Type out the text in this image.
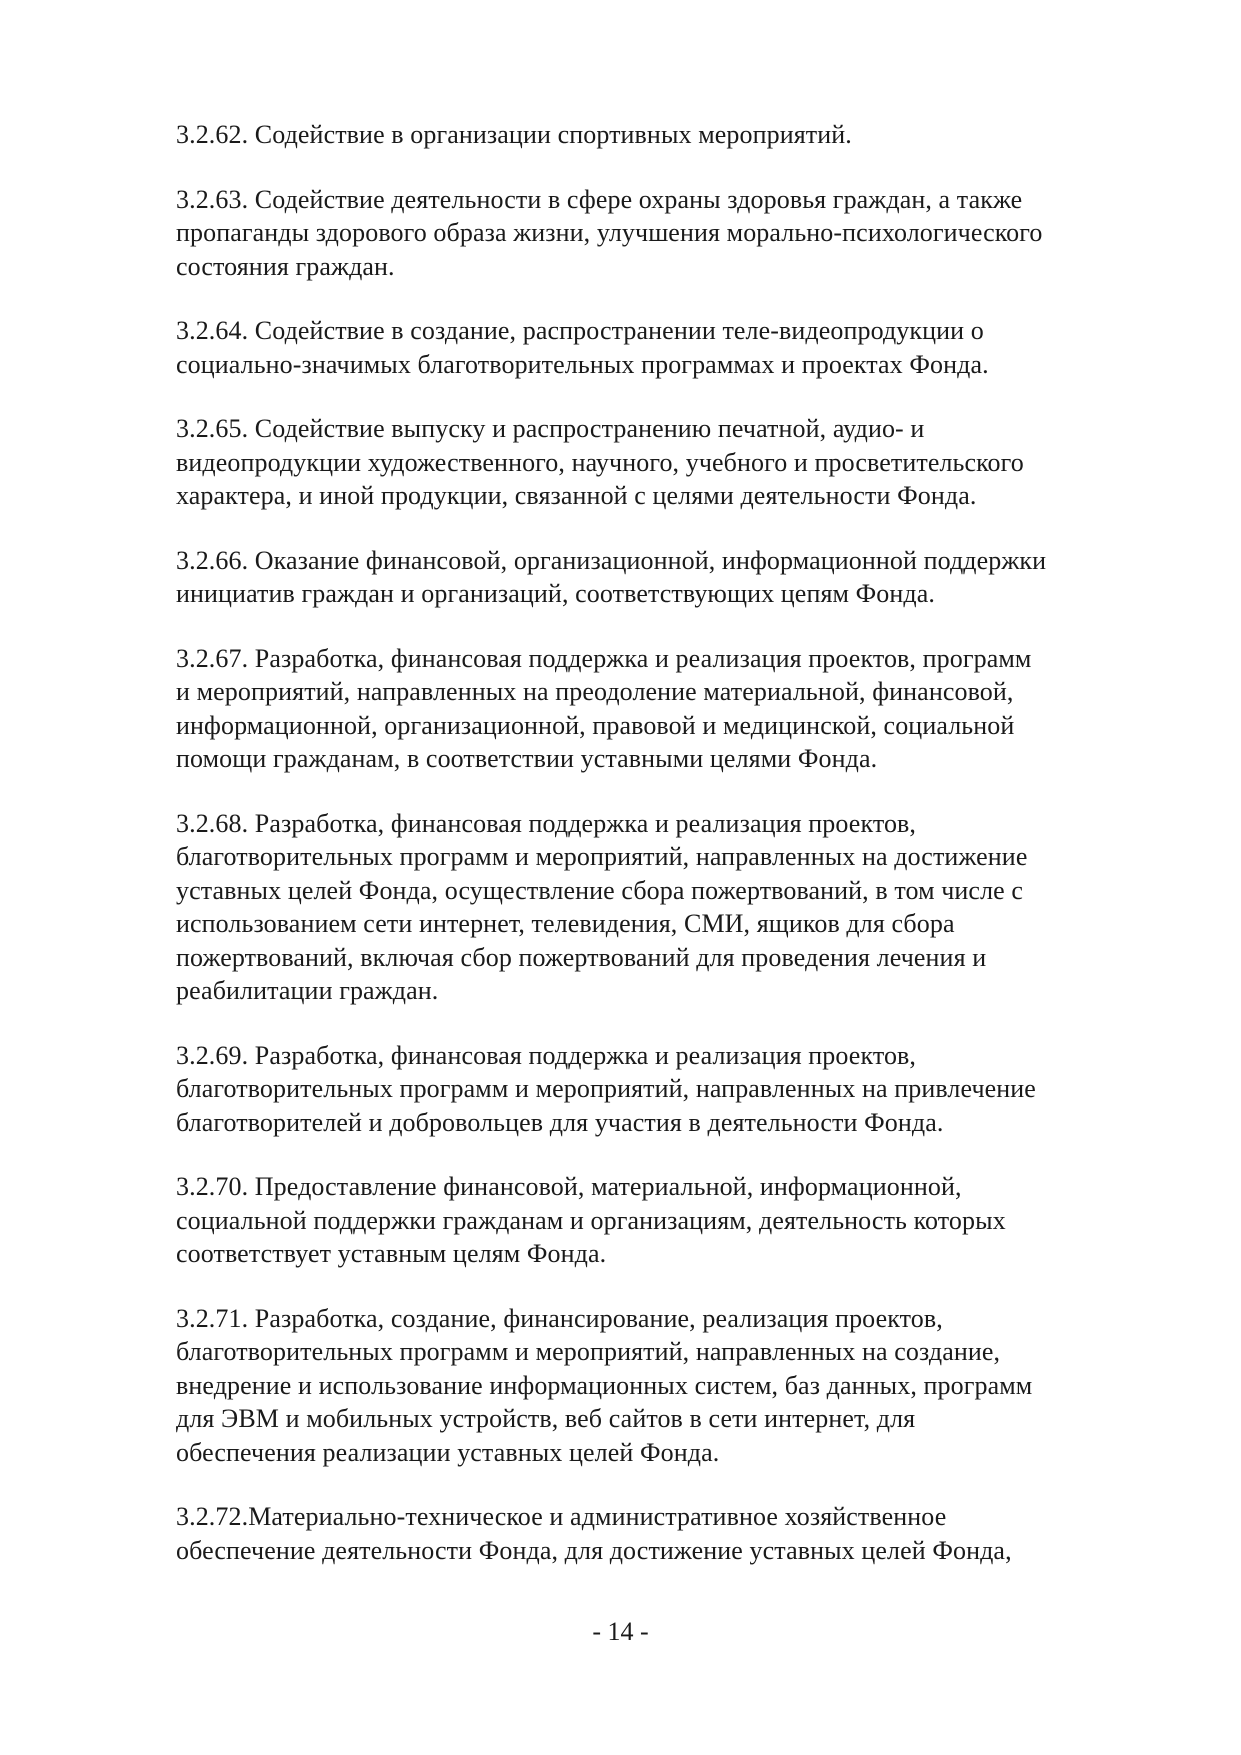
3.2.62. Содействие в организации спортивных мероприятий.

3.2.63. Содействие деятельности в сфере охраны здоровья граждан, а также
пропаганды здорового образа жизни, улучшения морально-психологического
состояния граждан.

3.2.64. Содействие в создание, распространении теле-видеопродукции о
социально-значимых благотворительных программах и проектах Фонда.

3.2.65. Содействие выпуску и распространению печатной, аудио- и
видеопродукции художественного, научного, учебного и просветительского
характера, и иной продукции, связанной с целями деятельности Фонда.

3.2.66. Оказание финансовой, организационной, информационной поддержки
инициатив граждан и организаций, соответствующих цепям Фонда.

3.2.67. Разработка, финансовая поддержка и реализация проектов, программ
и мероприятий, направленных на преодоление материальной, финансовой,
информационной, организационной, правовой и медицинской, социальной
помощи гражданам, в соответствии уставными целями Фонда.

3.2.68. Разработка, финансовая поддержка и реализация проектов,
благотворительных программ и мероприятий, направленных на достижение
уставных целей Фонда, осуществление сбора пожертвований, в том числе с
использованием сети интернет, телевидения, СМИ, ящиков для сбора
пожертвований, включая сбор пожертвований для проведения лечения и
реабилитации граждан.

3.2.69. Разработка, финансовая поддержка и реализация проектов,
благотворительных программ и мероприятий, направленных на привлечение
благотворителей и добровольцев для участия в деятельности Фонда.

3.2.70. Предоставление финансовой, материальной, информационной,
социальной поддержки гражданам и организациям, деятельность которых
соответствует уставным целям Фонда.

3.2.71. Разработка, создание, финансирование, реализация проектов,
благотворительных программ и мероприятий, направленных на создание,
внедрение и использование информационных систем, баз данных, программ
для ЭВМ и мобильных устройств, веб сайтов в сети интернет, для
обеспечения реализации уставных целей Фонда.

3.2.72.Материально-техническое и административное хозяйственное
обеспечение деятельности Фонда, для достижение уставных целей Фонда,

- 14 -
